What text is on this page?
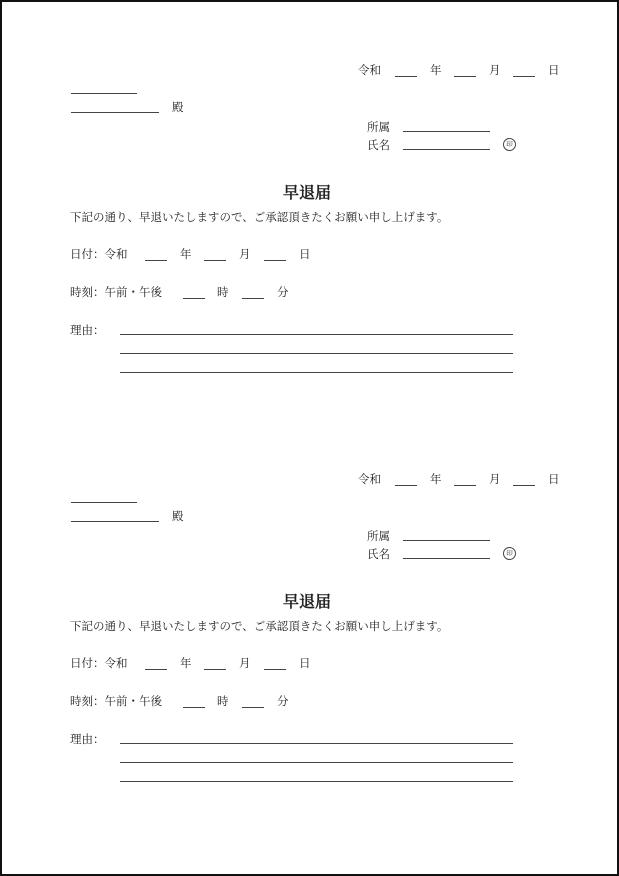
令和	年	月	日
殿
所属
氏名	印
早退届
下記の通り、早退いたしますので、ご承認頂きたくお願い申し上げます。
日付：令和	年	月	日
時刻：午前・午後	時	分
理由：
令和	年	月	日
殿
所属
氏名	印
早退届
下記の通り、早退いたしますので、ご承認頂きたくお願い申し上げます。
日付：令和	年	月	日
時刻：午前・午後	時	分
理由：
